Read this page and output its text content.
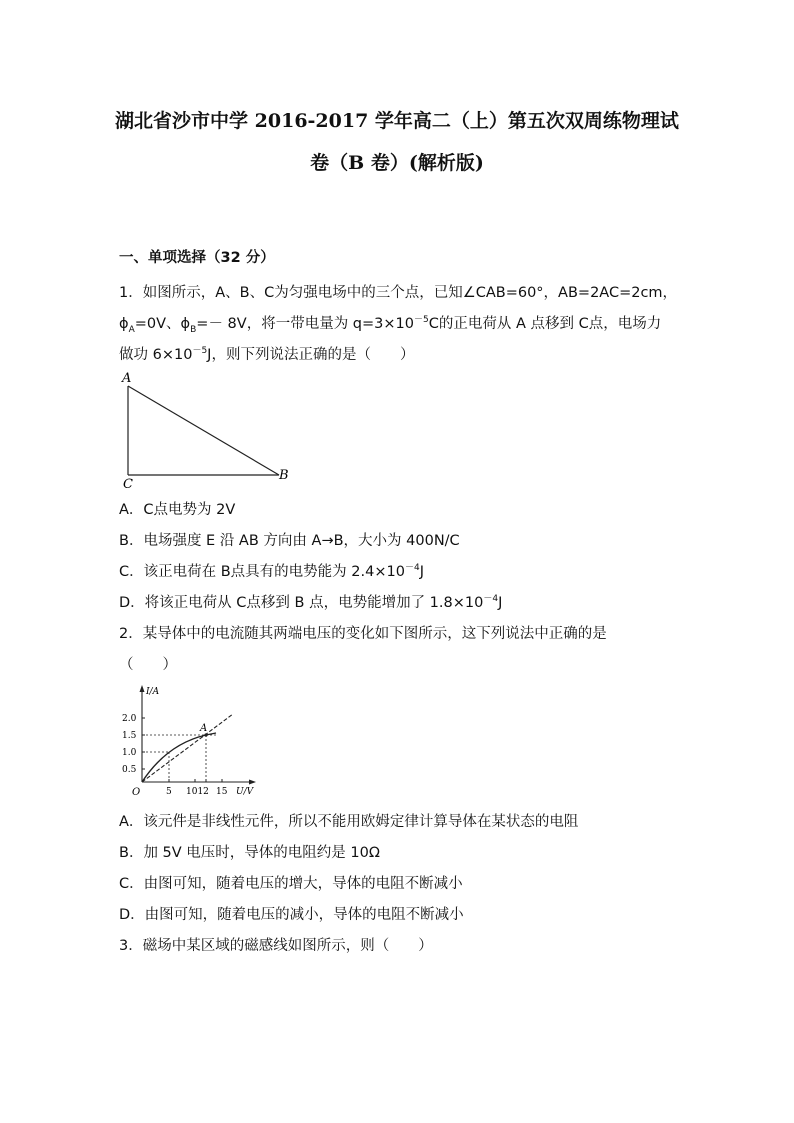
湖北省沙市中学 2016-2017 学年高二（上）第五次双周练物理试
卷（B 卷）(解析版)
一、单项选择（32 分）
1．如图所示，A、B、C为匀强电场中的三个点，已知∠CAB=60°，AB=2AC=2cm，
$\phi_A=0V$、$\phi_B=- 8V$，将一带电量为 $q=3\times 10^{-5}C$的正电荷从 A 点移到 C点，电场力
做功 $6\times 10^{-5}J$，则下列说法正确的是（　　）
A
C
B
A．C点电势为 2V
B．电场强度 E 沿 AB 方向由 A→B，大小为 400N/C
C．该正电荷在 B点具有的电势能为 $2.4\times 10^{-4}J$
D．将该正电荷从 C点移到 B 点，电势能增加了 $1.8\times 10^{-4}J$
2．某导体中的电流随其两端电压的变化如下图所示，这下列说法中正确的是
（　　）
I/A
U/V
O
2.0
1.5
1.0
0.5
5 1012 15
A
A．该元件是非线性元件，所以不能用欧姆定律计算导体在某状态的电阻
B．加 5V 电压时，导体的电阻约是 10Ω
C．由图可知，随着电压的增大，导体的电阻不断减小
D．由图可知，随着电压的减小，导体的电阻不断减小
3．磁场中某区域的磁感线如图所示，则（　　）
